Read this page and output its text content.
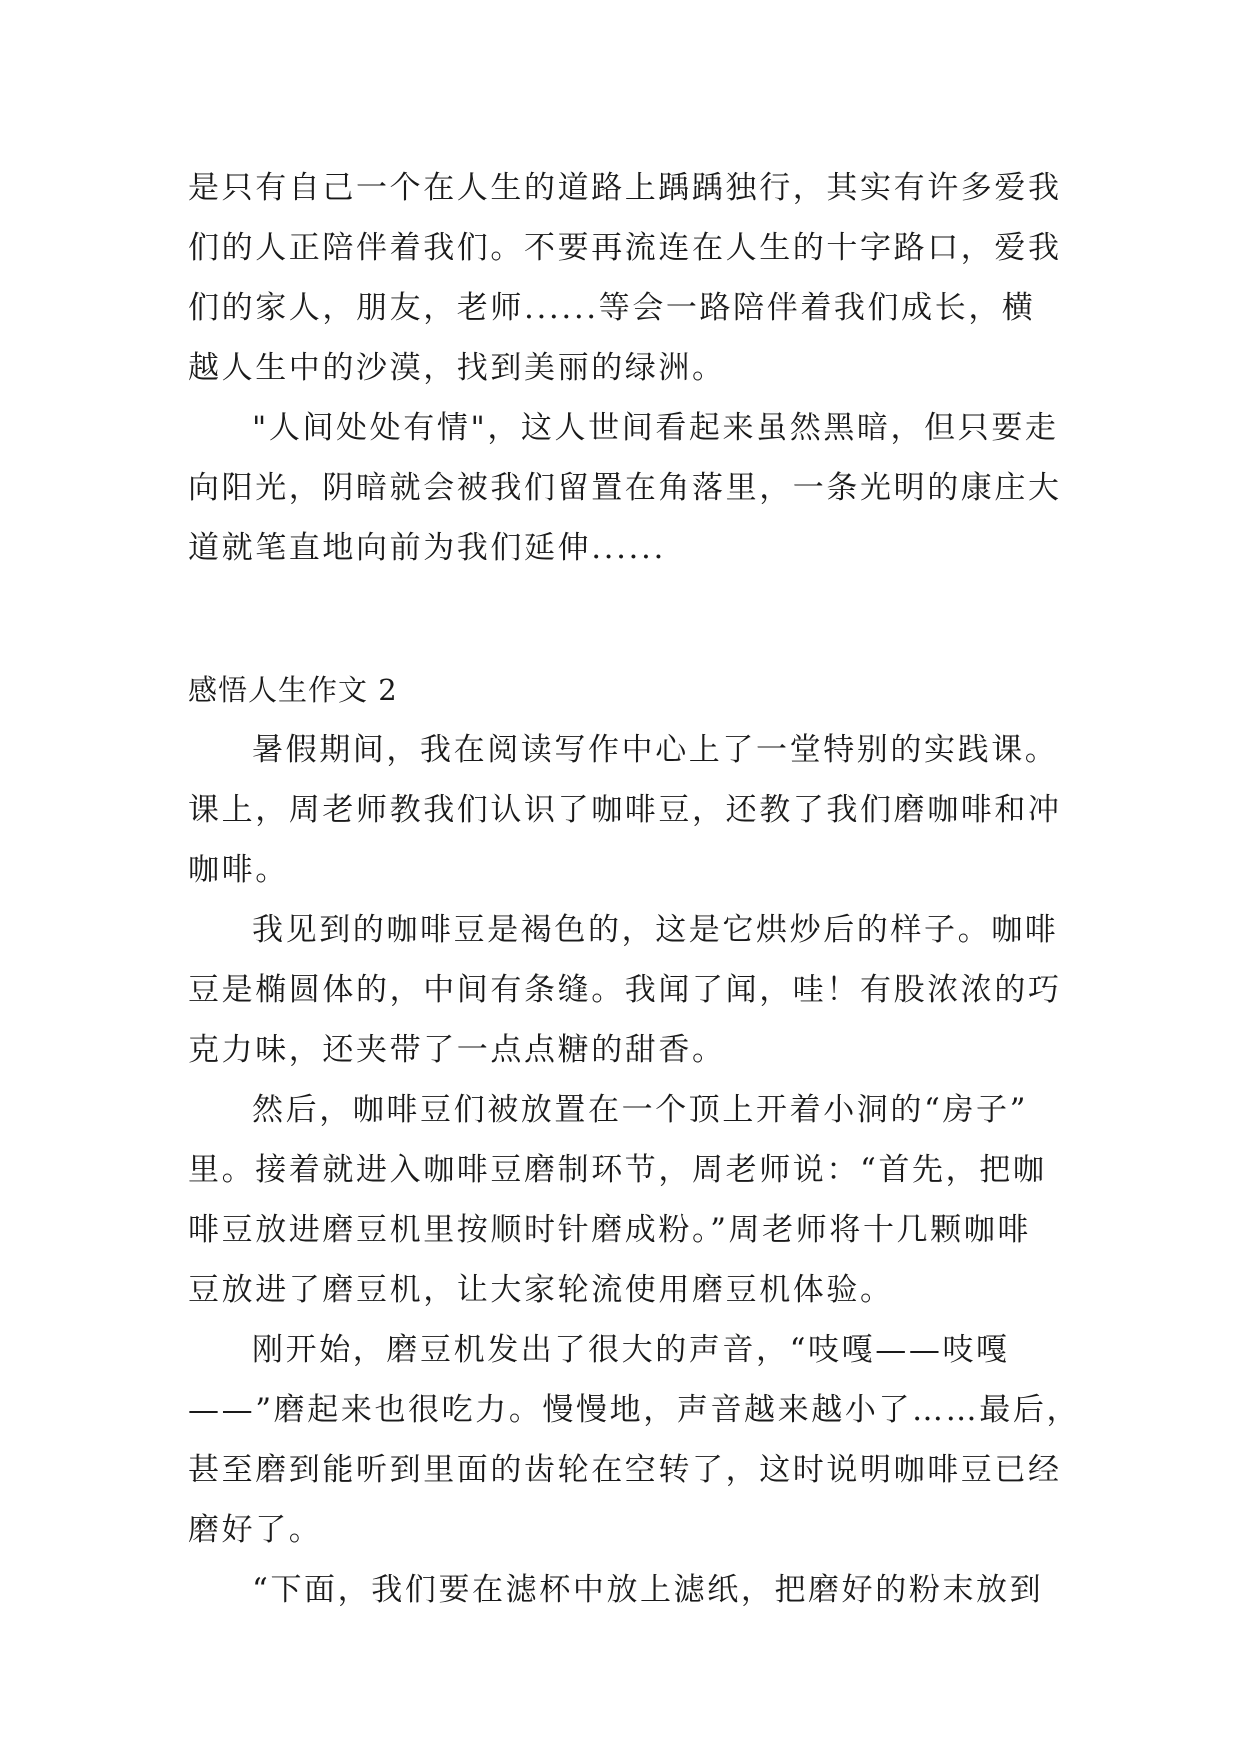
是只有自己一个在人生的道路上踽踽独行，其实有许多爱我
们的人正陪伴着我们。不要再流连在人生的十字路口，爱我
们的家人，朋友，老师......等会一路陪伴着我们成长，横
越人生中的沙漠，找到美丽的绿洲。
"人间处处有情"，这人世间看起来虽然黑暗，但只要走
向阳光，阴暗就会被我们留置在角落里，一条光明的康庄大
道就笔直地向前为我们延伸......
感悟人生作文 2
暑假期间，我在阅读写作中心上了一堂特别的实践课。
课上，周老师教我们认识了咖啡豆，还教了我们磨咖啡和冲
咖啡。
我见到的咖啡豆是褐色的，这是它烘炒后的样子。咖啡
豆是椭圆体的，中间有条缝。我闻了闻，哇！有股浓浓的巧
克力味，还夹带了一点点糖的甜香。
然后，咖啡豆们被放置在一个顶上开着小洞的“房子”
里。接着就进入咖啡豆磨制环节，周老师说：“首先，把咖
啡豆放进磨豆机里按顺时针磨成粉。”周老师将十几颗咖啡
豆放进了磨豆机，让大家轮流使用磨豆机体验。
刚开始，磨豆机发出了很大的声音，“吱嘎——吱嘎
——”磨起来也很吃力。慢慢地，声音越来越小了……最后，
甚至磨到能听到里面的齿轮在空转了，这时说明咖啡豆已经
磨好了。
“下面，我们要在滤杯中放上滤纸，把磨好的粉末放到
